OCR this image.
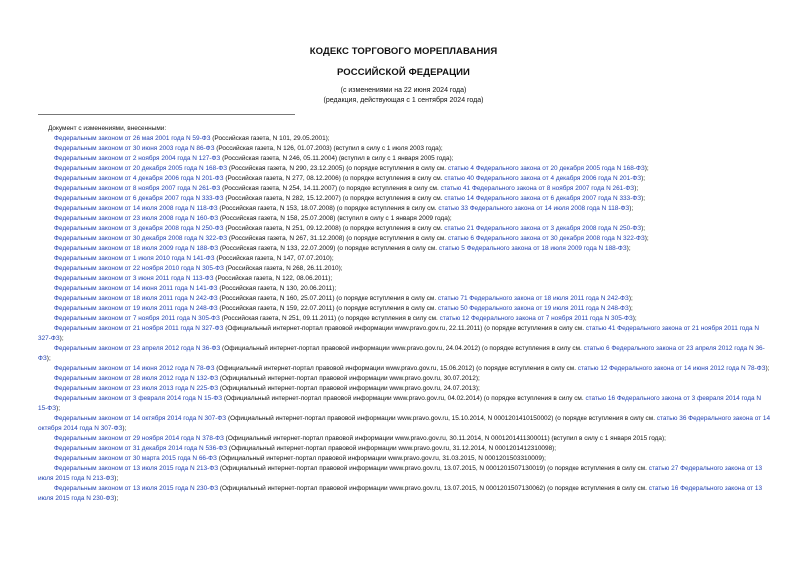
КОДЕКС ТОРГОВОГО МОРЕПЛАВАНИЯ
РОССИЙСКОЙ ФЕДЕРАЦИИ
(с изменениями на 22 июня 2024 года)
(редакция, действующая с 1 сентября 2024 года)
Документ с изменениями, внесенными:
Федеральным законом от 26 мая 2001 года N 59-ФЗ (Российская газета, N 101, 29.05.2001);
Федеральным законом от 30 июня 2003 года N 86-ФЗ (Российская газета, N 126, 01.07.2003) (вступил в силу с 1 июля 2003 года);
Федеральным законом от 2 ноября 2004 года N 127-ФЗ (Российская газета, N 246, 05.11.2004) (вступил в силу с 1 января 2005 года);
Федеральным законом от 20 декабря 2005 года N 168-ФЗ (Российская газета, N 290, 23.12.2005) (о порядке вступления в силу см. статью 4 Федерального закона от 20 декабря 2005 года N 168-ФЗ);
Федеральным законом от 4 декабря 2006 года N 201-ФЗ (Российская газета, N 277, 08.12.2006) (о порядке вступления в силу см. статью 40 Федерального закона от 4 декабря 2006 года N 201-ФЗ);
Федеральным законом от 8 ноября 2007 года N 261-ФЗ (Российская газета, N 254, 14.11.2007) (о порядке вступления в силу см. статью 41 Федерального закона от 8 ноября 2007 года N 261-ФЗ);
Федеральным законом от 6 декабря 2007 года N 333-ФЗ (Российская газета, N 282, 15.12.2007) (о порядке вступления в силу см. статью 14 Федерального закона от 6 декабря 2007 года N 333-ФЗ);
Федеральным законом от 14 июля 2008 года N 118-ФЗ (Российская газета, N 153, 18.07.2008) (о порядке вступления в силу см. статью 33 Федерального закона от 14 июля 2008 года N 118-ФЗ);
Федеральным законом от 23 июля 2008 года N 160-ФЗ (Российская газета, N 158, 25.07.2008) (вступил в силу с 1 января 2009 года);
Федеральным законом от 3 декабря 2008 года N 250-ФЗ (Российская газета, N 251, 09.12.2008) (о порядке вступления в силу см. статью 21 Федерального закона от 3 декабря 2008 года N 250-ФЗ);
Федеральным законом от 30 декабря 2008 года N 322-ФЗ (Российская газета, N 267, 31.12.2008) (о порядке вступления в силу см. статью 6 Федерального закона от 30 декабря 2008 года N 322-ФЗ);
Федеральным законом от 18 июля 2009 года N 188-ФЗ (Российская газета, N 133, 22.07.2009) (о порядке вступления в силу см. статью 5 Федерального закона от 18 июля 2009 года N 188-ФЗ);
Федеральным законом от 1 июля 2010 года N 141-ФЗ (Российская газета, N 147, 07.07.2010);
Федеральным законом от 22 ноября 2010 года N 305-ФЗ (Российская газета, N 268, 26.11.2010);
Федеральным законом от 3 июня 2011 года N 113-ФЗ (Российская газета, N 122, 08.06.2011);
Федеральным законом от 14 июня 2011 года N 141-ФЗ (Российская газета, N 130, 20.06.2011);
Федеральным законом от 18 июля 2011 года N 242-ФЗ (Российская газета, N 160, 25.07.2011) (о порядке вступления в силу см. статью 71 Федерального закона от 18 июля 2011 года N 242-ФЗ);
Федеральным законом от 19 июля 2011 года N 248-ФЗ (Российская газета, N 159, 22.07.2011) (о порядке вступления в силу см. статью 50 Федерального закона от 19 июля 2011 года N 248-ФЗ);
Федеральным законом от 7 ноября 2011 года N 305-ФЗ (Российская газета, N 251, 09.11.2011) (о порядке вступления в силу см. статью 12 Федерального закона от 7 ноября 2011 года N 305-ФЗ);
Федеральным законом от 21 ноября 2011 года N 327-ФЗ (Официальный интернет-портал правовой информации www.pravo.gov.ru, 22.11.2011) (о порядке вступления в силу см. статью 41 Федерального закона от 21 ноября 2011 года N 327-ФЗ);
Федеральным законом от 23 апреля 2012 года N 36-ФЗ (Официальный интернет-портал правовой информации www.pravo.gov.ru, 24.04.2012) (о порядке вступления в силу см. статью 6 Федерального закона от 23 апреля 2012 года N 36-ФЗ);
Федеральным законом от 14 июня 2012 года N 78-ФЗ (Официальный интернет-портал правовой информации www.pravo.gov.ru, 15.06.2012) (о порядке вступления в силу см. статью 12 Федерального закона от 14 июня 2012 года N 78-ФЗ);
Федеральным законом от 28 июля 2012 года N 132-ФЗ (Официальный интернет-портал правовой информации www.pravo.gov.ru, 30.07.2012);
Федеральным законом от 23 июля 2013 года N 225-ФЗ (Официальный интернет-портал правовой информации www.pravo.gov.ru, 24.07.2013);
Федеральным законом от 3 февраля 2014 года N 15-ФЗ (Официальный интернет-портал правовой информации www.pravo.gov.ru, 04.02.2014) (о порядке вступления в силу см. статью 16 Федерального закона от 3 февраля 2014 года N 15-ФЗ);
Федеральным законом от 14 октября 2014 года N 307-ФЗ (Официальный интернет-портал правовой информации www.pravo.gov.ru, 15.10.2014, N 0001201410150002) (о порядке вступления в силу см. статью 36 Федерального закона от 14 октября 2014 года N 307-ФЗ);
Федеральным законом от 29 ноября 2014 года N 378-ФЗ (Официальный интернет-портал правовой информации www.pravo.gov.ru, 30.11.2014, N 0001201411300011) (вступил в силу с 1 января 2015 года);
Федеральным законом от 31 декабря 2014 года N 536-ФЗ (Официальный интернет-портал правовой информации www.pravo.gov.ru, 31.12.2014, N 0001201412310098);
Федеральным законом от 30 марта 2015 года N 66-ФЗ (Официальный интернет-портал правовой информации www.pravo.gov.ru, 31.03.2015, N 0001201503310009);
Федеральным законом от 13 июля 2015 года N 213-ФЗ (Официальный интернет-портал правовой информации www.pravo.gov.ru, 13.07.2015, N 0001201507130019) (о порядке вступления в силу см. статью 27 Федерального закона от 13 июля 2015 года N 213-ФЗ);
Федеральным законом от 13 июля 2015 года N 230-ФЗ (Официальный интернет-портал правовой информации www.pravo.gov.ru, 13.07.2015, N 0001201507130062) (о порядке вступления в силу см. статью 16 Федерального закона от 13 июля 2015 года N 230-ФЗ);
